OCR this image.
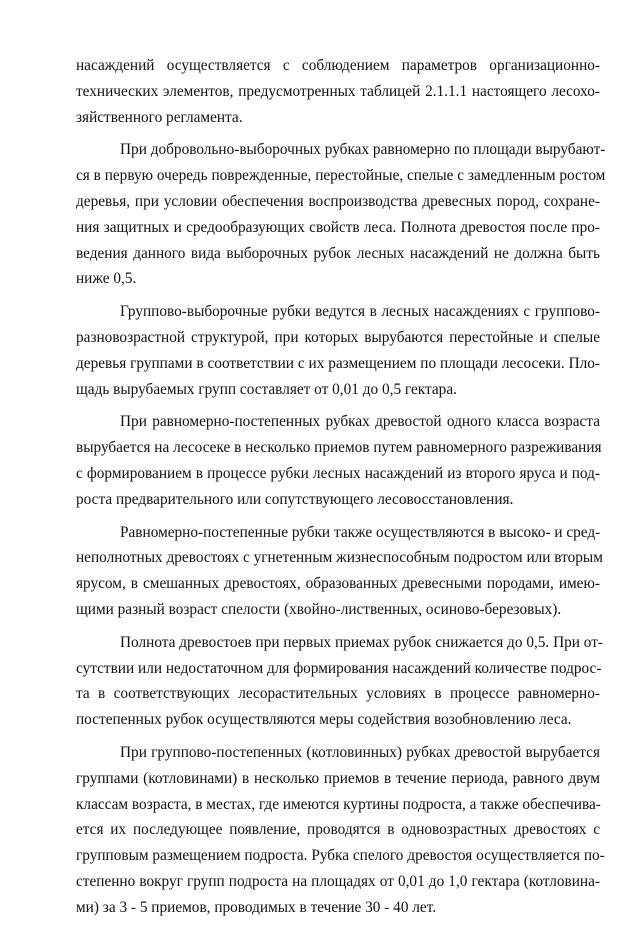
насаждений осуществляется с соблюдением параметров организационно-
технических элементов, предусмотренных таблицей 2.1.1.1 настоящего лесохо-
зяйственного регламента.
При добровольно-выборочных рубках равномерно по площади вырубают-
ся в первую очередь поврежденные, перестойные, спелые с замедленным ростом
деревья, при условии обеспечения воспроизводства древесных пород, сохране-
ния защитных и средообразующих свойств леса. Полнота древостоя после про-
ведения данного вида выборочных рубок лесных насаждений не должна быть
ниже 0,5.
Группово-выборочные рубки ведутся в лесных насаждениях с группово-
разновозрастной структурой, при которых вырубаются перестойные и спелые
деревья группами в соответствии с их размещением по площади лесосеки. Пло-
щадь вырубаемых групп составляет от 0,01 до 0,5 гектара.
При равномерно-постепенных рубках древостой одного класса возраста
вырубается на лесосеке в несколько приемов путем равномерного разреживания
с формированием в процессе рубки лесных насаждений из второго яруса и под-
роста предварительного или сопутствующего лесовосстановления.
Равномерно-постепенные рубки также осуществляются в высоко- и сред-
неполнотных древостоях с угнетенным жизнеспособным подростом или вторым
ярусом, в смешанных древостоях, образованных древесными породами, имею-
щими разный возраст спелости (хвойно-лиственных, осиново-березовых).
Полнота древостоев при первых приемах рубок снижается до 0,5. При от-
сутствии или недостаточном для формирования насаждений количестве подрос-
та в соответствующих лесорастительных условиях в процессе равномерно-
постепенных рубок осуществляются меры содействия возобновлению леса.
При группово-постепенных (котловинных) рубках древостой вырубается
группами (котловинами) в несколько приемов в течение периода, равного двум
классам возраста, в местах, где имеются куртины подроста, а также обеспечива-
ется их последующее появление, проводятся в одновозрастных древостоях с
групповым размещением подроста. Рубка спелого древостоя осуществляется по-
степенно вокруг групп подроста на площадях от 0,01 до 1,0 гектара (котловина-
ми) за 3 - 5 приемов, проводимых в течение 30 - 40 лет.
